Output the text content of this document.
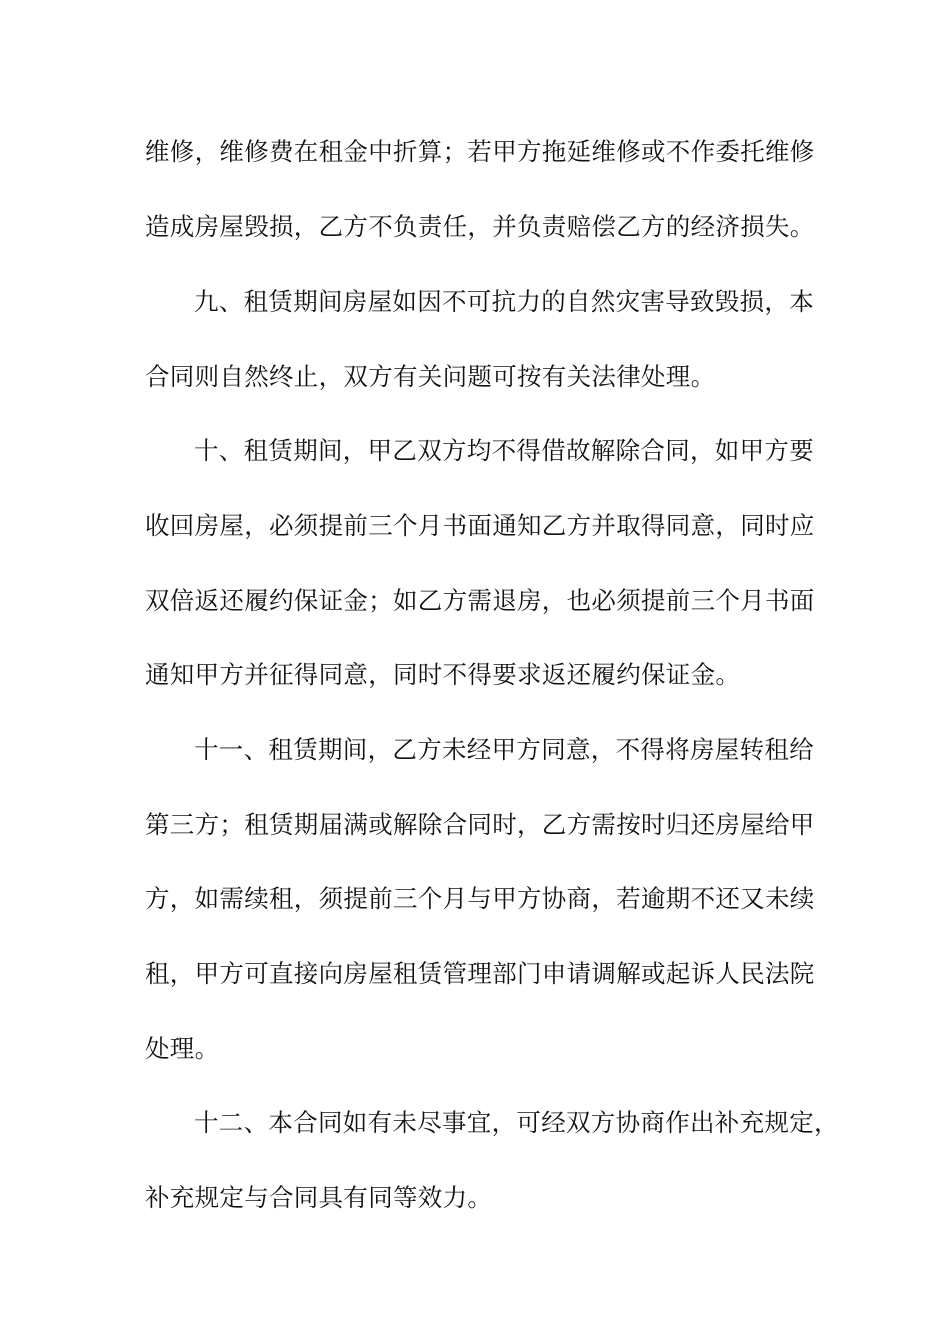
维修，维修费在租金中折算；若甲方拖延维修或不作委托维修
造成房屋毁损，乙方不负责任，并负责赔偿乙方的经济损失。
九、租赁期间房屋如因不可抗力的自然灾害导致毁损，本
合同则自然终止，双方有关问题可按有关法律处理。
十、租赁期间，甲乙双方均不得借故解除合同，如甲方要
收回房屋，必须提前三个月书面通知乙方并取得同意，同时应
双倍返还履约保证金；如乙方需退房，也必须提前三个月书面
通知甲方并征得同意，同时不得要求返还履约保证金。
十一、租赁期间，乙方未经甲方同意，不得将房屋转租给
第三方；租赁期届满或解除合同时，乙方需按时归还房屋给甲
方，如需续租，须提前三个月与甲方协商，若逾期不还又未续
租，甲方可直接向房屋租赁管理部门申请调解或起诉人民法院
处理。
十二、本合同如有未尽事宜，可经双方协商作出补充规定，
补充规定与合同具有同等效力。
